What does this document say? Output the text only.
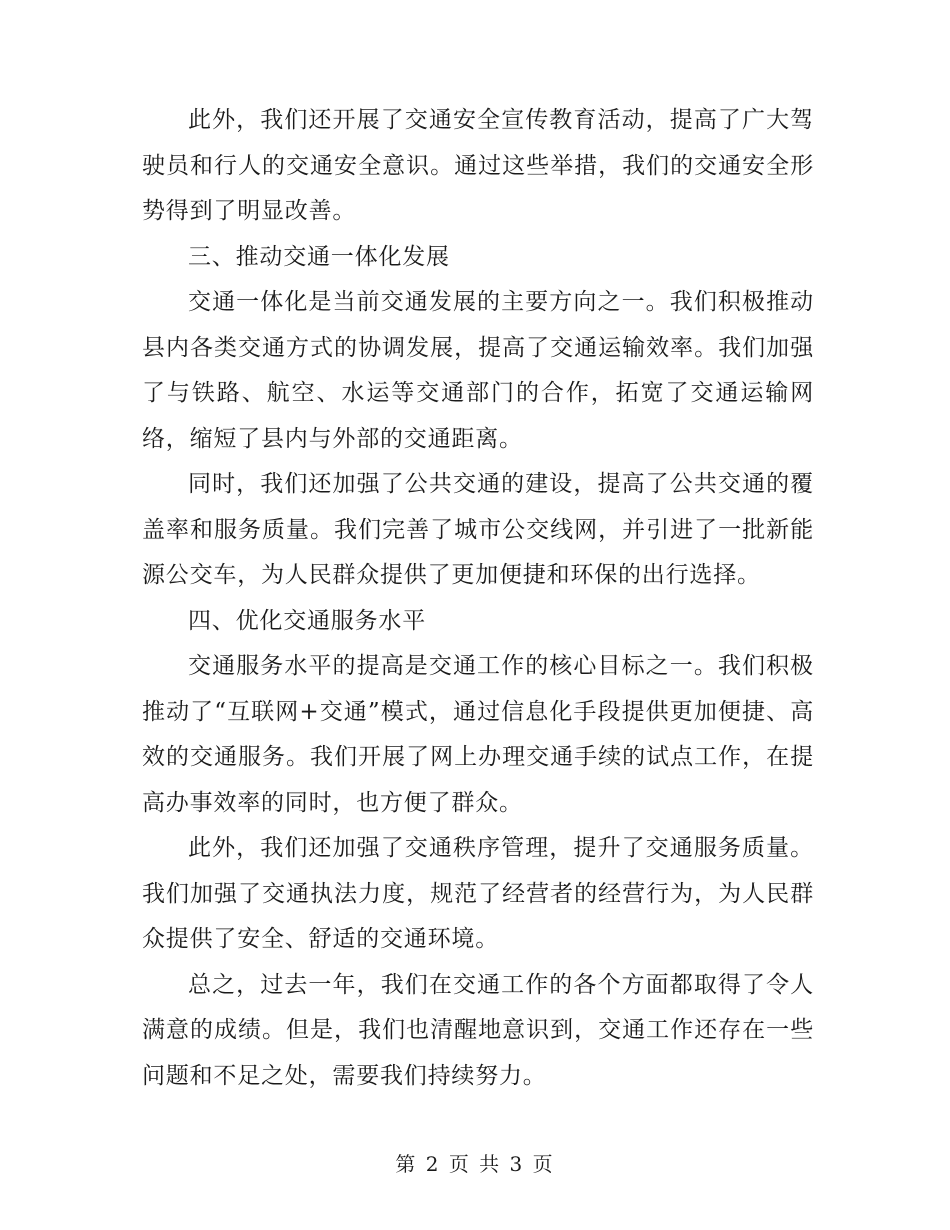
此外，我们还开展了交通安全宣传教育活动，提高了广大驾驶员和行人的交通安全意识。通过这些举措，我们的交通安全形势得到了明显改善。

三、推动交通一体化发展

交通一体化是当前交通发展的主要方向之一。我们积极推动县内各类交通方式的协调发展，提高了交通运输效率。我们加强了与铁路、航空、水运等交通部门的合作，拓宽了交通运输网络，缩短了县内与外部的交通距离。

同时，我们还加强了公共交通的建设，提高了公共交通的覆盖率和服务质量。我们完善了城市公交线网，并引进了一批新能源公交车，为人民群众提供了更加便捷和环保的出行选择。

四、优化交通服务水平

交通服务水平的提高是交通工作的核心目标之一。我们积极推动了“互联网+交通”模式，通过信息化手段提供更加便捷、高效的交通服务。我们开展了网上办理交通手续的试点工作，在提高办事效率的同时，也方便了群众。

此外，我们还加强了交通秩序管理，提升了交通服务质量。我们加强了交通执法力度，规范了经营者的经营行为，为人民群众提供了安全、舒适的交通环境。

总之，过去一年，我们在交通工作的各个方面都取得了令人满意的成绩。但是，我们也清醒地意识到，交通工作还存在一些问题和不足之处，需要我们持续努力。

第 2 页 共 3 页
